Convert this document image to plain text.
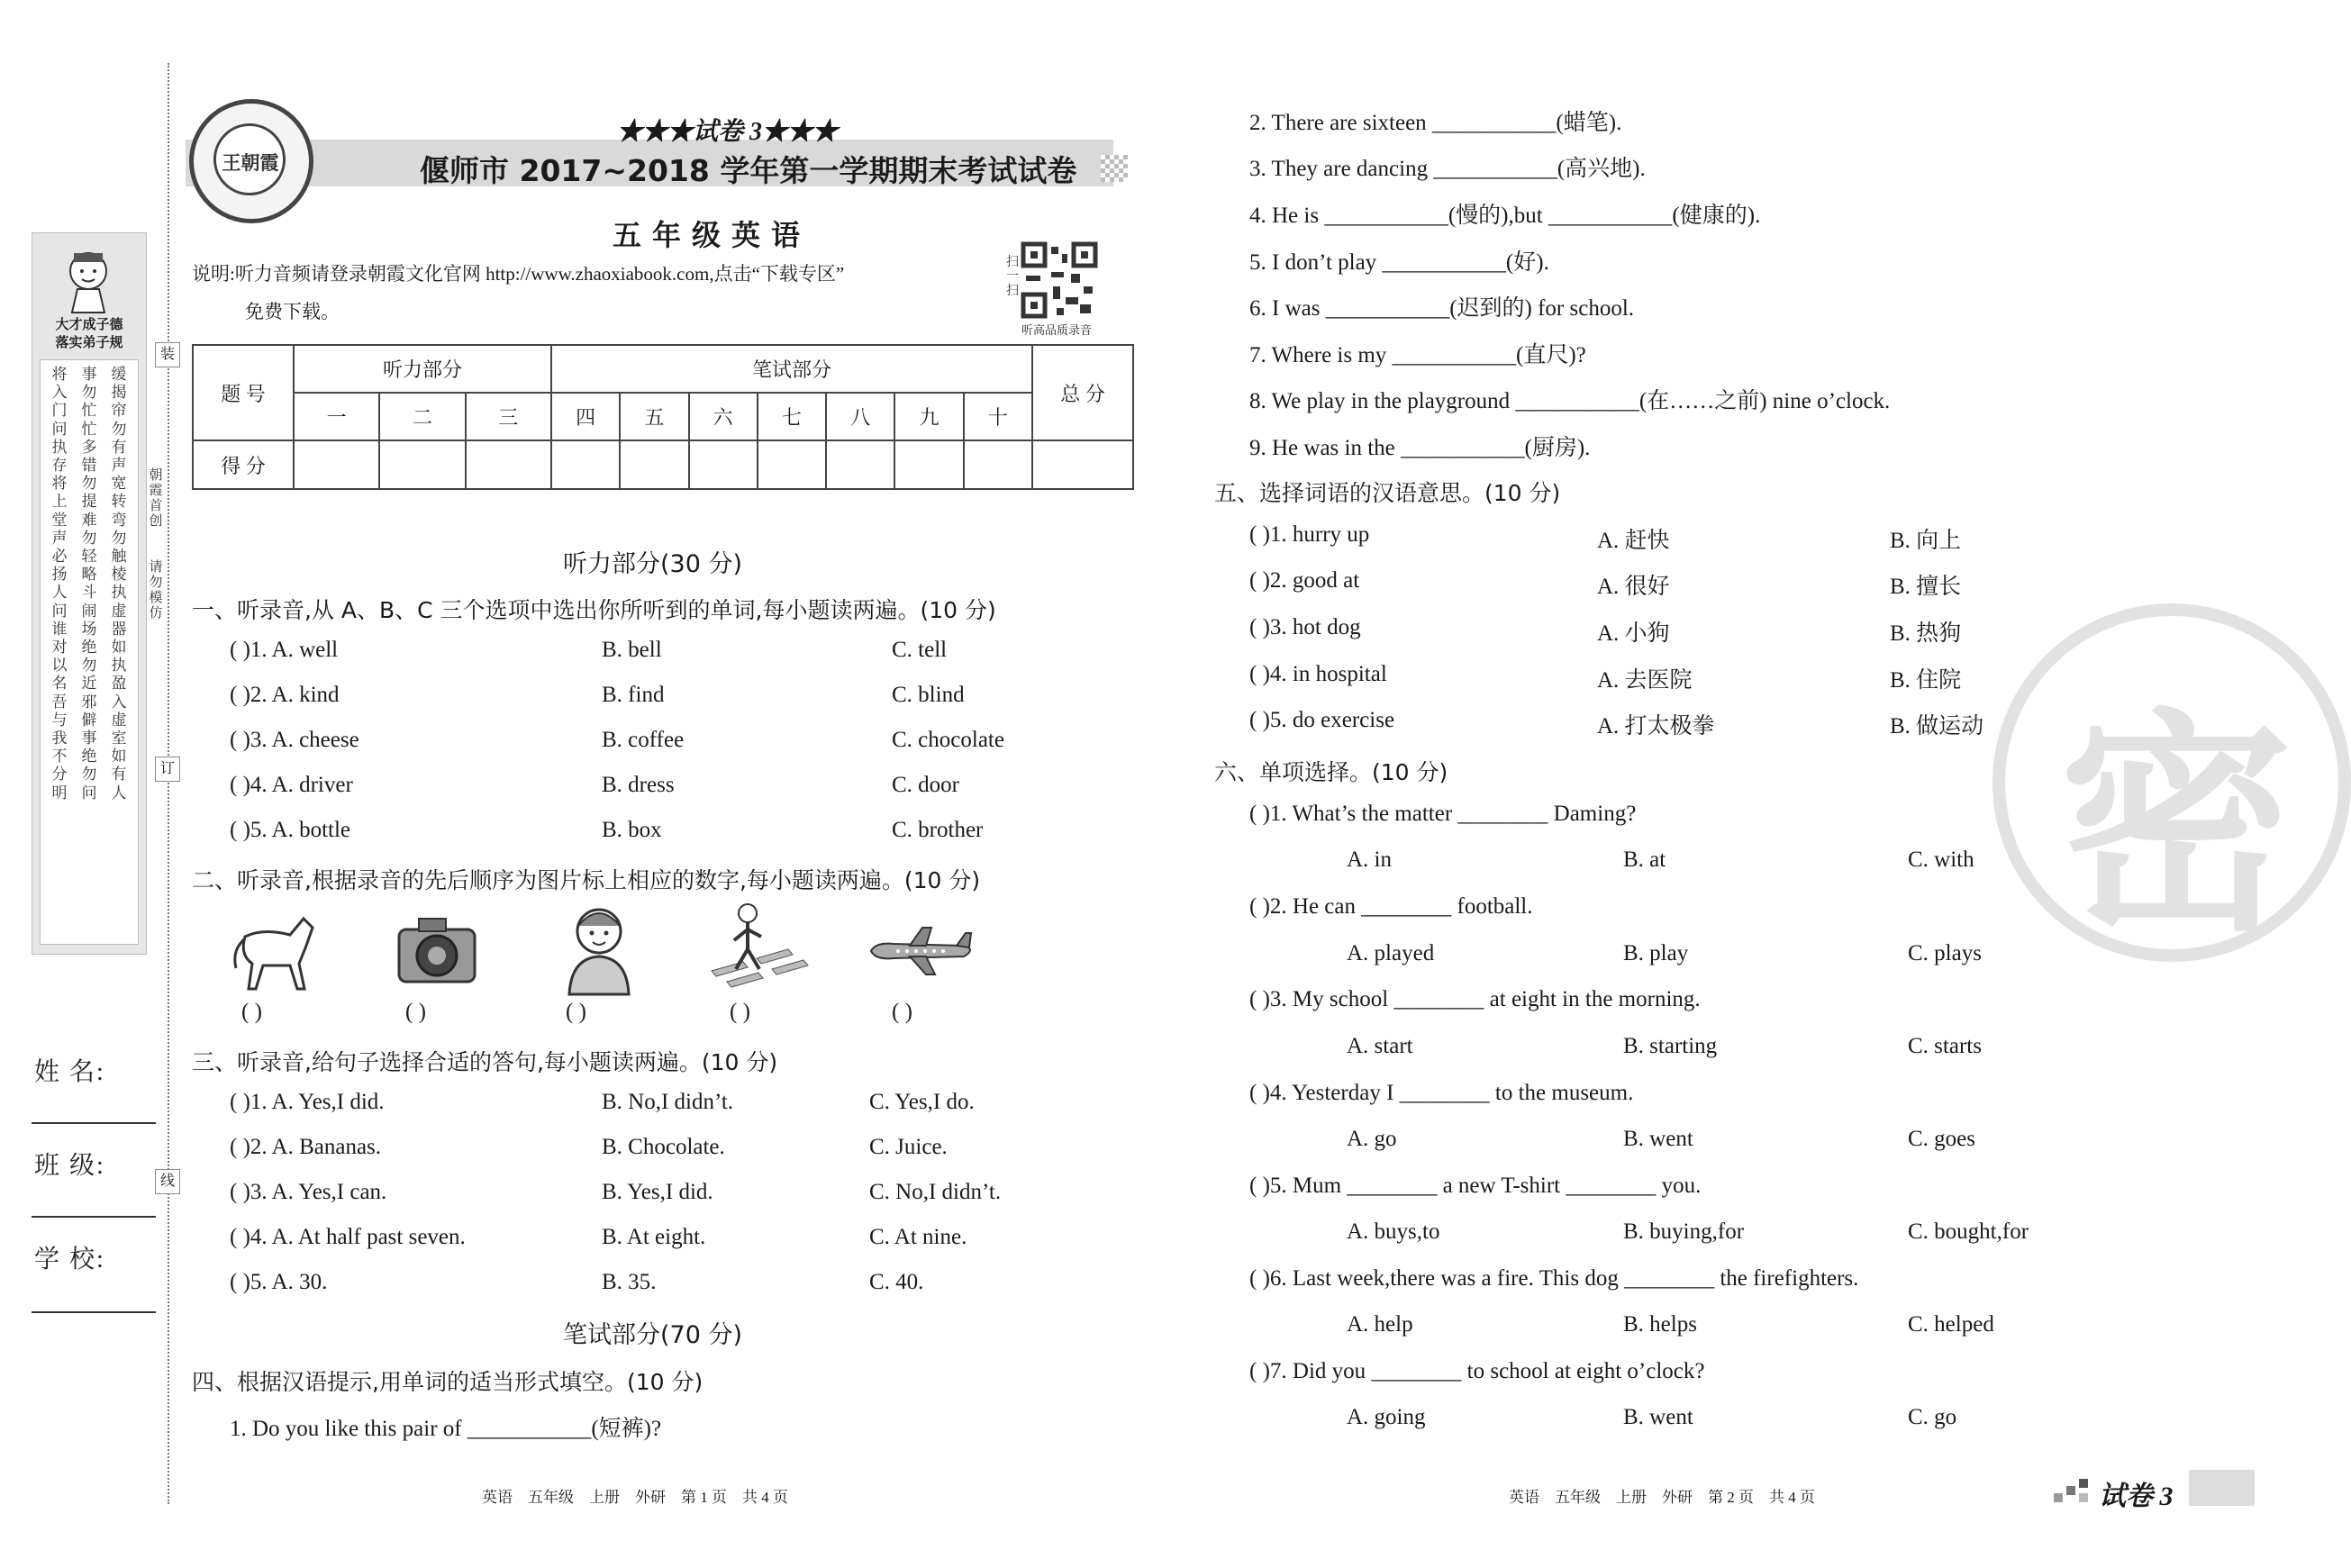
大才成子德
落实弟子规
将入门问执存将上堂声必扬人问谁对以名吾与我不分明
事勿忙忙多错勿提难勿轻略斗闹场绝勿近邪僻事绝勿问
缓揭帘勿有声宽转弯勿触棱执虚器如执盈入虚室如有人
装
订
线
朝霞首创
请勿模仿
姓 名:
班 级:
学 校:
王朝霞
★★★试卷 3★★★
偃师市 2017~2018 学年第一学期期末考试试卷
五 年 级 英 语
说明:听力音频请登录朝霞文化官网 http://www.zhaoxiabook.com,点击“下载专区”
免费下载。
扫一扫
听高品质录音
题 号	听力部分			笔试部分							总 分
	一	二	三	四	五	六	七	八	九	十	
得 分											
听力部分(30 分)
一、听录音,从 A、B、C 三个选项中选出你所听到的单词,每小题读两遍。(10 分)
( )1. A. well	B. bell	C. tell
( )2. A. kind	B. find	C. blind
( )3. A. cheese	B. coffee	C. chocolate
( )4. A. driver	B. dress	C. door
( )5. A. bottle	B. box	C. brother
二、听录音,根据录音的先后顺序为图片标上相应的数字,每小题读两遍。(10 分)
( )	( )	( )	( )	( )
三、听录音,给句子选择合适的答句,每小题读两遍。(10 分)
( )1. A. Yes,I did.	B. No,I didn’t.	C. Yes,I do.
( )2. A. Bananas.	B. Chocolate.	C. Juice.
( )3. A. Yes,I can.	B. Yes,I did.	C. No,I didn’t.
( )4. A. At half past seven.	B. At eight.	C. At nine.
( )5. A. 30.	B. 35.	C. 40.
笔试部分(70 分)
四、根据汉语提示,用单词的适当形式填空。(10 分)
1. Do you like this pair of ___________(短裤)?
英语    五年级    上册    外研    第 1 页    共 4 页
2. There are sixteen ___________(蜡笔).
3. They are dancing ___________(高兴地).
4. He is ___________(慢的),but ___________(健康的).
5. I don’t play ___________(好).
6. I was ___________(迟到的) for school.
7. Where is my ___________(直尺)?
8. We play in the playground ___________(在……之前) nine o’clock.
9. He was in the ___________(厨房).
五、选择词语的汉语意思。(10 分)
( )1. hurry up	A. 赶快	B. 向上
( )2. good at	A. 很好	B. 擅长
( )3. hot dog	A. 小狗	B. 热狗
( )4. in hospital	A. 去医院	B. 住院
( )5. do exercise	A. 打太极拳	B. 做运动
六、单项选择。(10 分)
( )1. What’s the matter ________ Daming?
A. in	B. at	C. with
( )2. He can ________ football.
A. played	B. play	C. plays
( )3. My school ________ at eight in the morning.
A. start	B. starting	C. starts
( )4. Yesterday I ________ to the museum.
A. go	B. went	C. goes
( )5. Mum ________ a new T-shirt ________ you.
A. buys,to	B. buying,for	C. bought,for
( )6. Last week,there was a fire. This dog ________ the firefighters.
A. help	B. helps	C. helped
( )7. Did you ________ to school at eight o’clock?
A. going	B. went	C. go
密
英语    五年级    上册    外研    第 2 页    共 4 页	试卷 3
